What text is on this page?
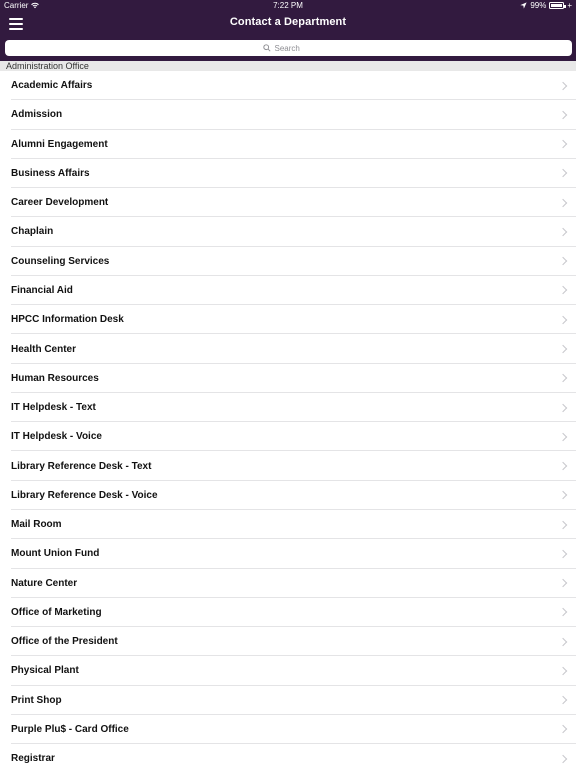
Carrier	7:22 PM	99%	+
Contact a Department
Search
Administration Office
Academic Affairs
Admission
Alumni Engagement
Business Affairs
Career Development
Chaplain
Counseling Services
Financial Aid
HPCC Information Desk
Health Center
Human Resources
IT Helpdesk - Text
IT Helpdesk - Voice
Library Reference Desk - Text
Library Reference Desk - Voice
Mail Room
Mount Union Fund
Nature Center
Office of Marketing
Office of the President
Physical Plant
Print Shop
Purple Plu$ - Card Office
Registrar
